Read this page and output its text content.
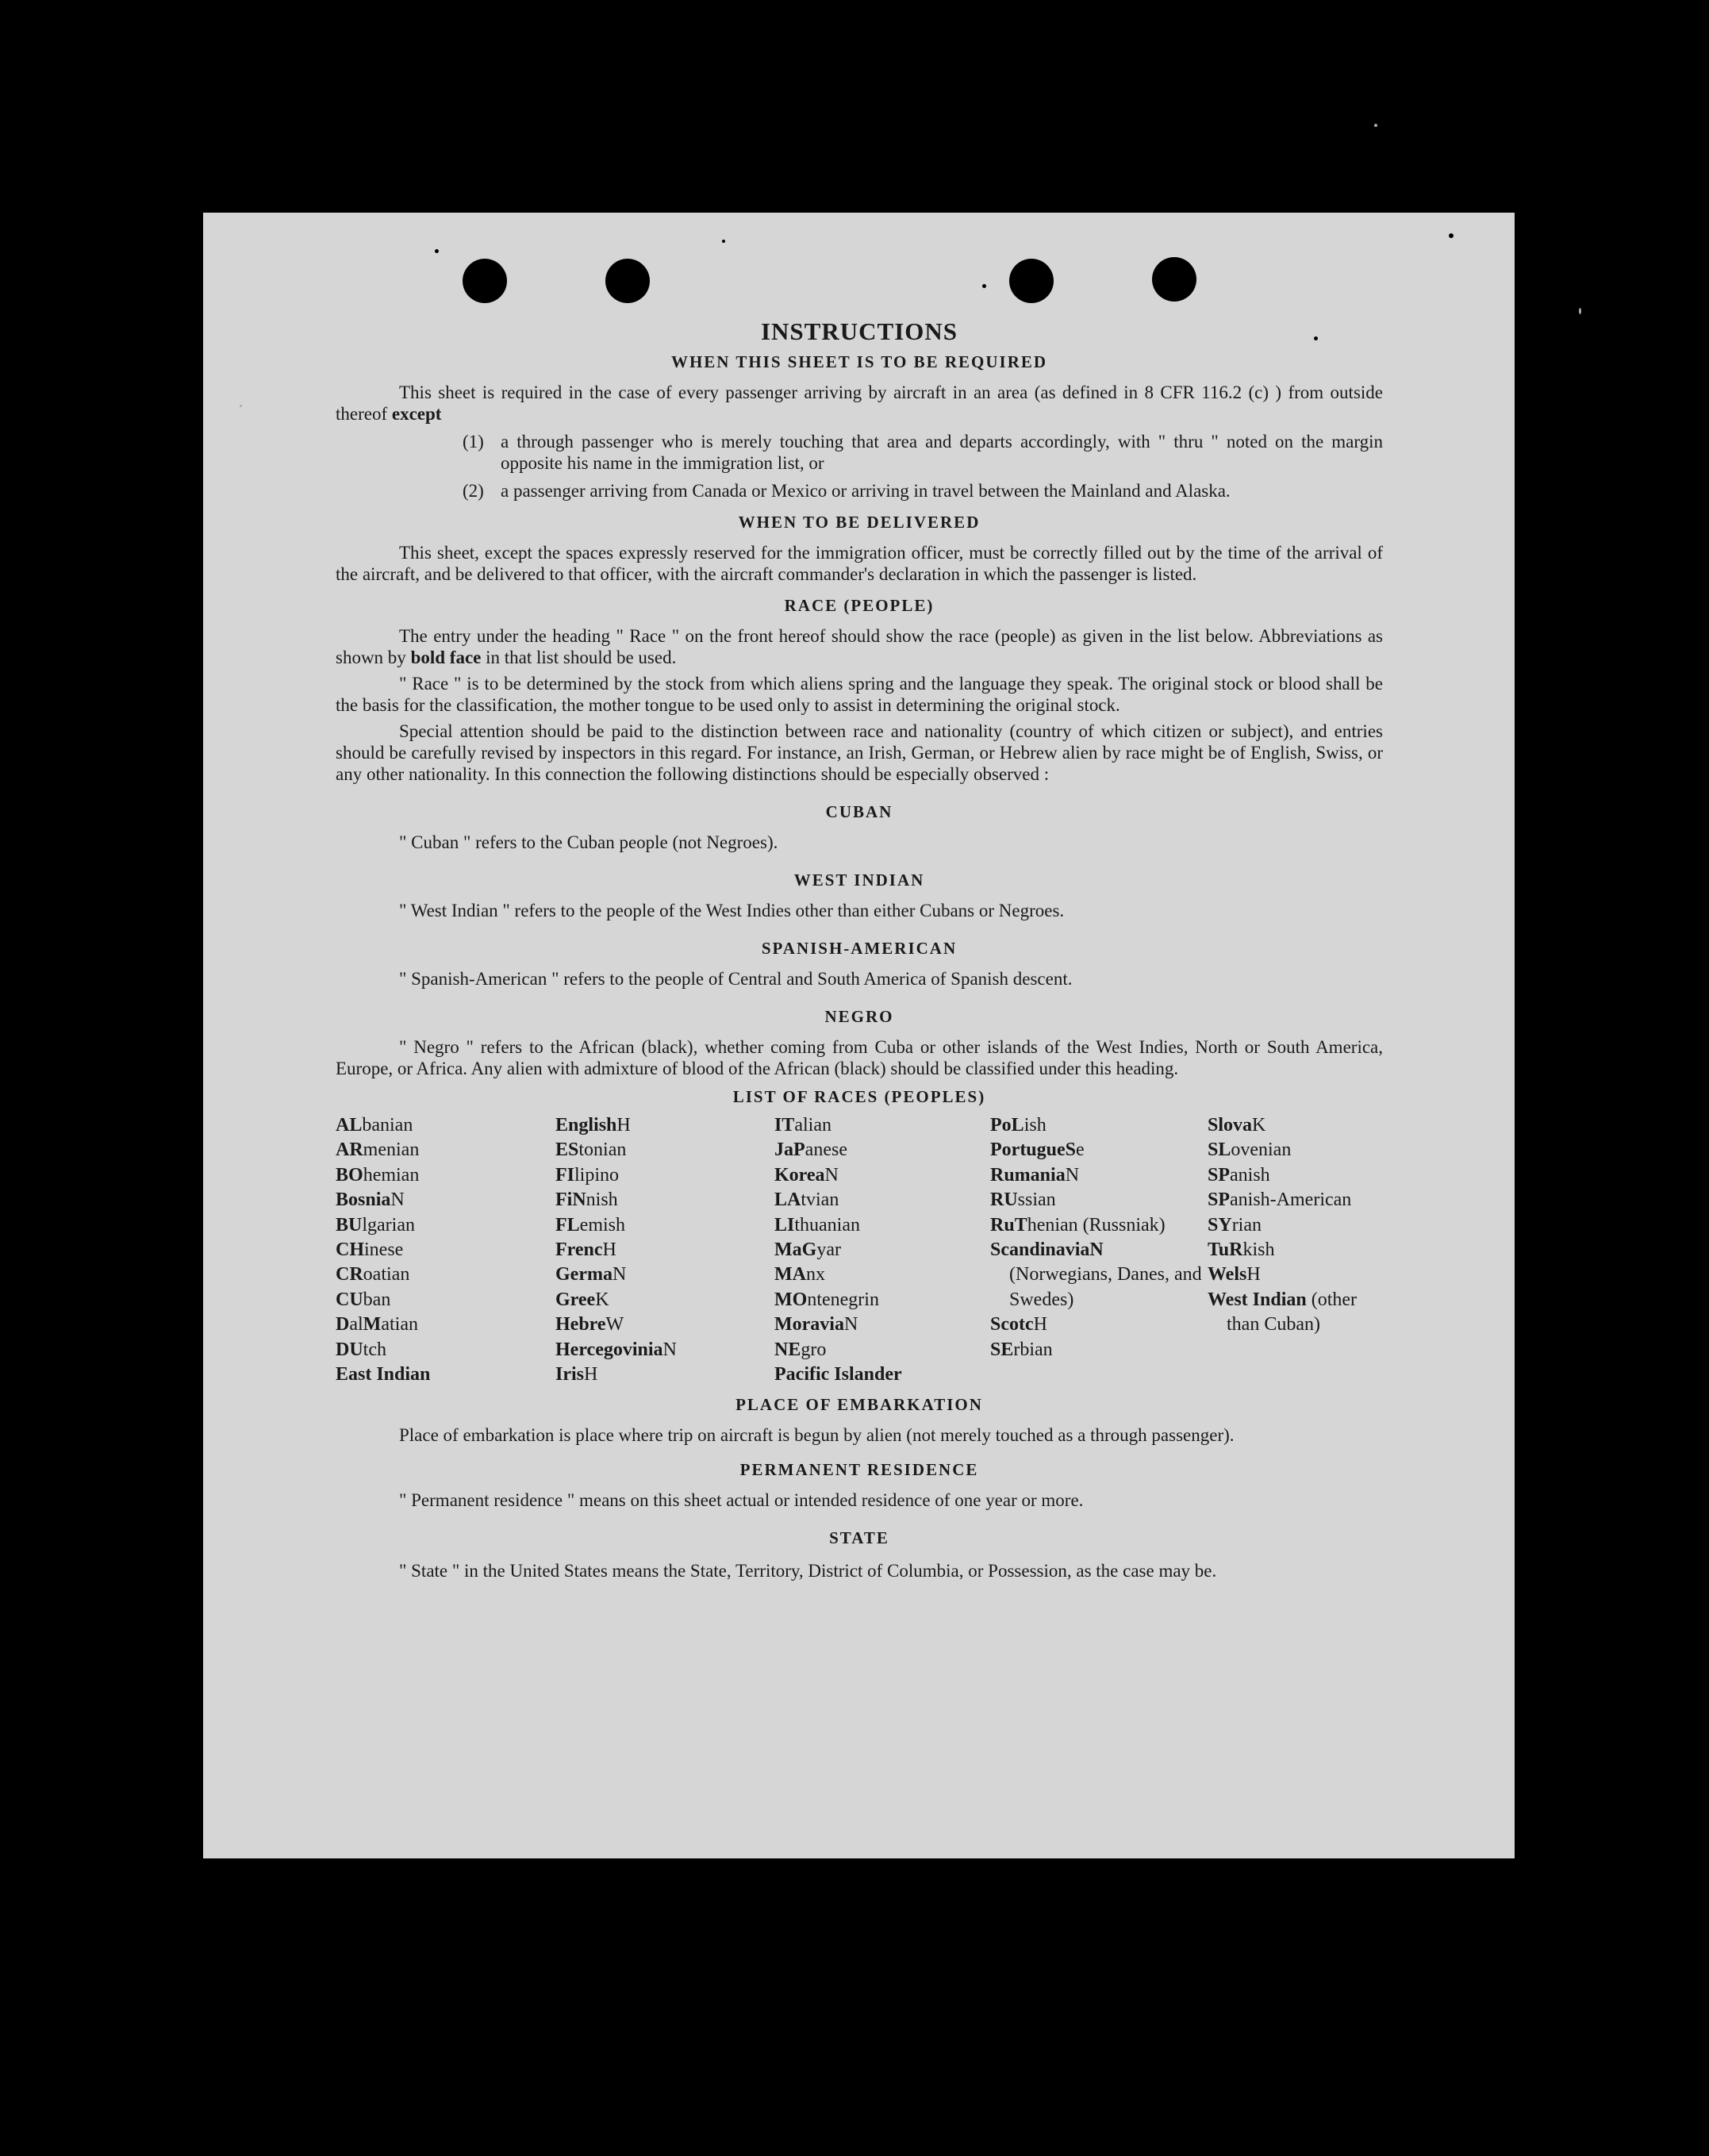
INSTRUCTIONS
WHEN THIS SHEET IS TO BE REQUIRED

This sheet is required in the case of every passenger arriving by aircraft in an area (as defined in 8 CFR 116.2 (c) ) from outside thereof except

(1) a through passenger who is merely touching that area and departs accordingly, with " thru " noted on the margin opposite his name in the immigration list, or
(2) a passenger arriving from Canada or Mexico or arriving in travel between the Mainland and Alaska.
WHEN TO BE DELIVERED

This sheet, except the spaces expressly reserved for the immigration officer, must be correctly filled out by the time of the arrival of the aircraft, and be delivered to that officer, with the aircraft commander's declaration in which the passenger is listed.

RACE (PEOPLE)

The entry under the heading " Race " on the front hereof should show the race (people) as given in the list below. Abbreviations as shown by bold face in that list should be used.

" Race " is to be determined by the stock from which aliens spring and the language they speak. The original stock or blood shall be the basis for the classification, the mother tongue to be used only to assist in determining the original stock.

Special attention should be paid to the distinction between race and nationality (country of which citizen or subject), and entries should be carefully revised by inspectors in this regard. For instance, an Irish, German, or Hebrew alien by race might be of English, Swiss, or any other nationality. In this connection the following distinctions should be especially observed :

CUBAN

" Cuban " refers to the Cuban people (not Negroes).

WEST INDIAN

" West Indian " refers to the people of the West Indies other than either Cubans or Negroes.

SPANISH-AMERICAN

" Spanish-American " refers to the people of Central and South America of Spanish descent.

NEGRO

" Negro " refers to the African (black), whether coming from Cuba or other islands of the West Indies, North or South America, Europe, or Africa. Any alien with admixture of blood of the African (black) should be classified under this heading.

LIST OF RACES (PEOPLES)
ALbanian
ARmenian
BOhemian
BosniaN
BUlgarian
CHinese
CRoatian
CUban
DalMatian
DUtch
East Indian
EnglishH
EStonian
FIlipino
FiNnish
FLemish
FrencH
GermaN
GreeK
HebreW
HercegoviniaN
IrisH
ITalian
JaPanese
KoreaN
LAtvian
LIthuanian
MaGyar
MAnx
MOntenegrin
MoraviaN
NEgro
Pacific Islander
PoLish
PortugueSe
RumaniaN
RUssian
RuThenian (Russniak)
ScandinaviaN (Norwegians, Danes, and Swedes)
ScotcH
SErbian
SlovaK
SLovenian
SPanish
SPanish-American
SYrian
TuRkish
WelsH
West Indian (other than Cuban)
PLACE OF EMBARKATION

Place of embarkation is place where trip on aircraft is begun by alien (not merely touched as a through passenger).

PERMANENT RESIDENCE

" Permanent residence " means on this sheet actual or intended residence of one year or more.

STATE

" State " in the United States means the State, Territory, District of Columbia, or Possession, as the case may be.
